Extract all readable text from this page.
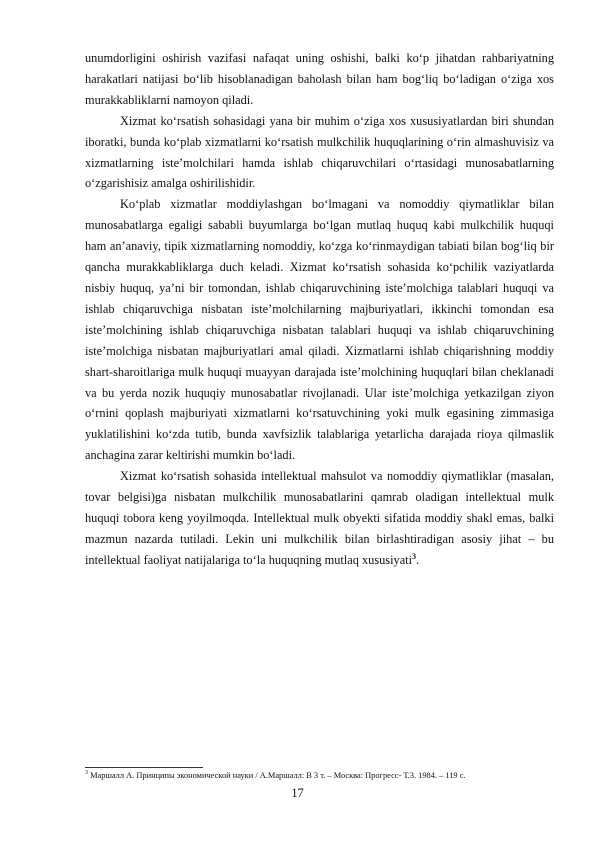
unumdorligini oshirish vazifasi nafaqat uning oshishi, balki ko‘p jihatdan rahbariyatning harakatlari natijasi bo‘lib hisoblanadigan baholash bilan ham bog‘liq bo‘ladigan o‘ziga xos murakkabliklarni namoyon qiladi.

Xizmat ko‘rsatish sohasidagi yana bir muhim o‘ziga xos xususiyatlardan biri shundan iboratki, bunda ko‘plab xizmatlarni ko‘rsatish mulkchilik huquqlarining o‘rin almashuvisiz va xizmatlarning iste’molchilari hamda ishlab chiqaruvchilari o‘rtasidagi munosabatlarning o‘zgarishisiz amalga oshirilishidir.

Ko‘plab xizmatlar moddiylashgan bo‘lmagani va nomoddiy qiymatliklar bilan munosabatlarga egaligi sababli buyumlarga bo‘lgan mutlaq huquq kabi mulkchilik huquqi ham an’anaviy, tipik xizmatlarning nomoddiy, ko‘zga ko‘rinmaydigan tabiati bilan bog‘liq bir qancha murakkabliklarga duch keladi. Xizmat ko‘rsatish sohasida ko‘pchilik vaziyatlarda nisbiy huquq, ya’ni bir tomondan, ishlab chiqaruvchining iste’molchiga talablari huquqi va ishlab chiqaruvchiga nisbatan iste’molchilarning majburiyatlari, ikkinchi tomondan esa iste’molchining ishlab chiqaruvchiga nisbatan talablari huquqi va ishlab chiqaruvchining iste’molchiga nisbatan majburiyatlari amal qiladi. Xizmatlarni ishlab chiqarishning moddiy shart-sharoitlariga mulk huquqi muayyan darajada iste’molchining huquqlari bilan cheklanadi va bu yerda nozik huquqiy munosabatlar rivojlanadi. Ular iste’molchiga yetkazilgan ziyon o‘rnini qoplash majburiyati xizmatlarni ko‘rsatuvchining yoki mulk egasining zimmasiga yuklatilishini ko‘zda tutib, bunda xavfsizlik talablariga yetarlicha darajada rioya qilmaslik anchagina zarar keltirishi mumkin bo‘ladi.

Xizmat ko‘rsatish sohasida intellektual mahsulot va nomoddiy qiymatliklar (masalan, tovar belgisi)ga nisbatan mulkchilik munosabatlarini qamrab oladigan intellektual mulk huquqi tobora keng yoyilmoqda. Intellektual mulk obyekti sifatida moddiy shakl emas, balki mazmun nazarda tutiladi. Lekin uni mulkchilik bilan birlashtiradigan asosiy jihat – bu intellektual faoliyat natijalariga to‘la huquqning mutlaq xususiyati$^3$.

$^3$ Маршалл А. Принципы экономической науки / А.Маршалл: В 3 т. – Москва: Прогресс- Т.3. 1984. – 119 с.
17
